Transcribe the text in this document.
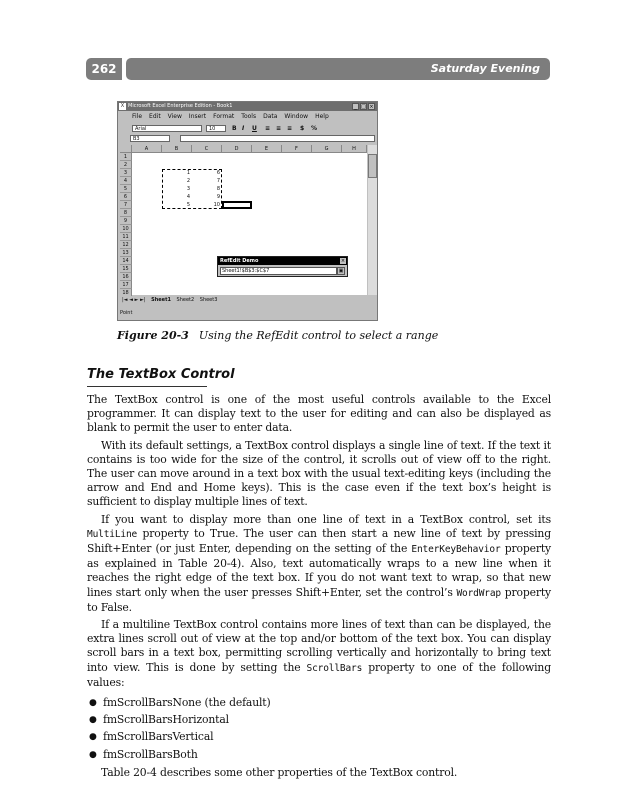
262	Saturday Evening
X Microsoft Excel Enterprise Edition - Book1	_ □ ×
File Edit View Insert Format Tools Data Window Help
Arial	10	B I U ≡ ≡ ≡ $ %
B3
A	B	C	D	E	F	G	H
1
2
3
4
5
6
7
8
9
10
11
12
13
14
15
16
17
18
1
2
3
4
5
6
7
8
9
10
RefEdit Demo	×
Sheet1!$B$3:$C$7	▣
|◄ ◄ ► ►| Sheet1 Sheet2 Sheet3
Point
Figure 20-3 Using the RefEdit control to select a range
The TextBox Control

The TextBox control is one of the most useful controls available to the Excel programmer. It can display text to the user for editing and can also be displayed as blank to permit the user to enter data.

With its default settings, a TextBox control displays a single line of text. If the text it contains is too wide for the size of the control, it scrolls out of view off to the right. The user can move around in a text box with the usual text-editing keys (including the arrow and End and Home keys). This is the case even if the text box’s height is sufficient to display multiple lines of text.

If you want to display more than one line of text in a TextBox control, set its MultiLine property to True. The user can then start a new line of text by pressing Shift+Enter (or just Enter, depending on the setting of the EnterKeyBehavior property as explained in Table 20-4). Also, text automatically wraps to a new line when it reaches the right edge of the text box. If you do not want text to wrap, so that new lines start only when the user presses Shift+Enter, set the control’s WordWrap property to False.

If a multiline TextBox control contains more lines of text than can be displayed, the extra lines scroll out of view at the top and/or bottom of the text box. You can display scroll bars in a text box, permitting scrolling vertically and horizontally to bring text into view. This is done by setting the ScrollBars property to one of the following values:

● fmScrollBarsNone (the default)
● fmScrollBarsHorizontal
● fmScrollBarsVertical
● fmScrollBarsBoth

Table 20-4 describes some other properties of the TextBox control.
